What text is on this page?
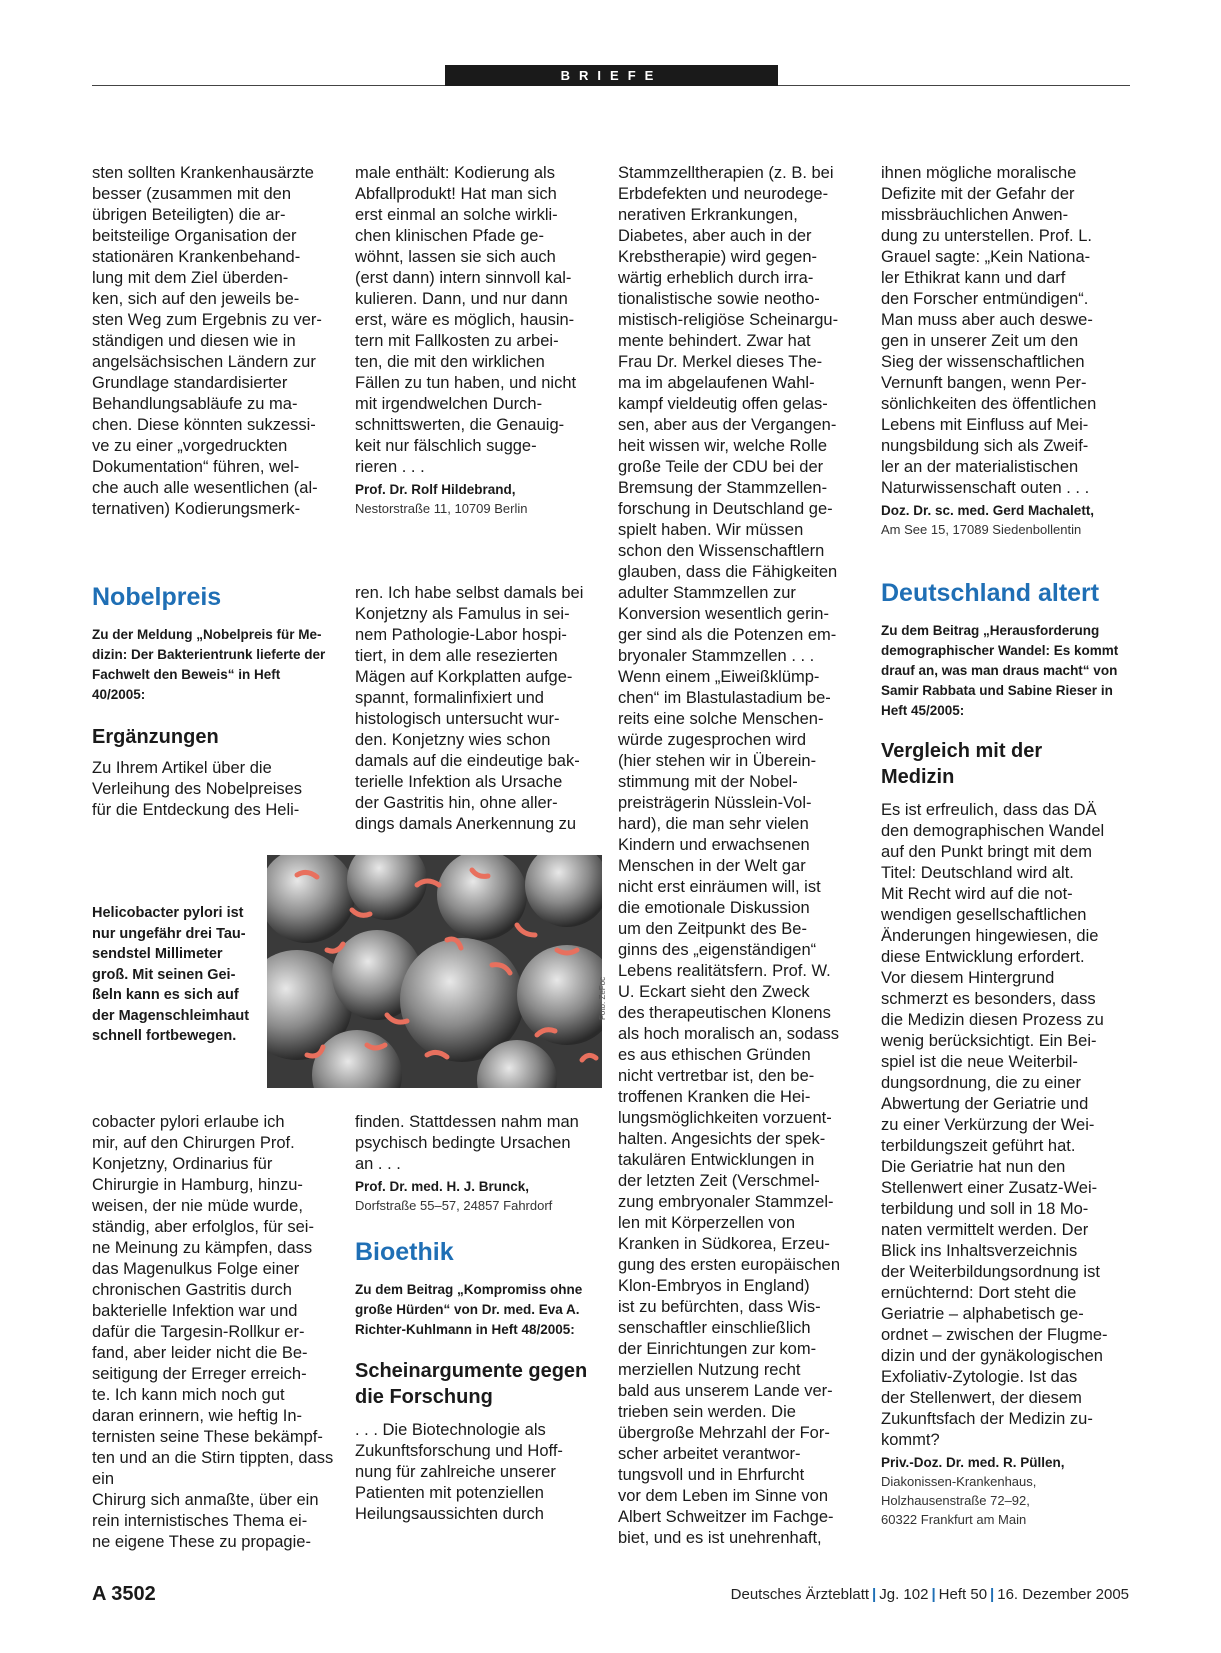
BRIEFE
sten sollten Krankenhausärzte
besser (zusammen mit den
übrigen Beteiligten) die ar-
beitsteilige Organisation der
stationären Krankenbehand-
lung mit dem Ziel überden-
ken, sich auf den jeweils be-
sten Weg zum Ergebnis zu ver-
ständigen und diesen wie in
angelsächsischen Ländern zur
Grundlage standardisierter
Behandlungsabläufe zu ma-
chen. Diese könnten sukzessi-
ve zu einer „vorgedruckten
Dokumentation“ führen, wel-
che auch alle wesentlichen (al-
ternativen) Kodierungsmerk-
male enthält: Kodierung als
Abfallprodukt! Hat man sich
erst einmal an solche wirkli-
chen klinischen Pfade ge-
wöhnt, lassen sie sich auch
(erst dann) intern sinnvoll kal-
kulieren. Dann, und nur dann
erst, wäre es möglich, hausin-
tern mit Fallkosten zu arbei-
ten, die mit den wirklichen
Fällen zu tun haben, und nicht
mit irgendwelchen Durch-
schnittswerten, die Genauig-
keit nur fälschlich sugge-
rieren . . .
Prof. Dr. Rolf Hildebrand,
Nestorstraße 11, 10709 Berlin
Nobelpreis
Zu der Meldung „Nobelpreis für Me-
dizin: Der Bakterientrunk lieferte der
Fachwelt den Beweis“ in Heft
40/2005:
Ergänzungen
Zu Ihrem Artikel über die
Verleihung des Nobelpreises
für die Entdeckung des Heli-
ren. Ich habe selbst damals bei
Konjetzny als Famulus in sei-
nem Pathologie-Labor hospi-
tiert, in dem alle resezierten
Mägen auf Korkplatten aufge-
spannt, formalinfixiert und
histologisch untersucht wur-
den. Konjetzny wies schon
damals auf die eindeutige bak-
terielle Infektion als Ursache
der Gastritis hin, ohne aller-
dings damals Anerkennung zu
Helicobacter pylori ist
nur ungefähr drei Tau-
sendstel Millimeter
groß. Mit seinen Gei-
ßeln kann es sich auf
der Magenschleimhaut
schnell fortbewegen.
Foto: ZeFoc
cobacter pylori erlaube ich
mir, auf den Chirurgen Prof.
Konjetzny, Ordinarius für
Chirurgie in Hamburg, hinzu-
weisen, der nie müde wurde,
ständig, aber erfolglos, für sei-
ne Meinung zu kämpfen, dass
das Magenulkus Folge einer
chronischen Gastritis durch
bakterielle Infektion war und
dafür die Targesin-Rollkur er-
fand, aber leider nicht die Be-
seitigung der Erreger erreich-
te. Ich kann mich noch gut
daran erinnern, wie heftig In-
ternisten seine These bekämpf-
ten und an die Stirn tippten, dass ein
Chirurg sich anmaßte, über ein
rein internistisches Thema ei-
ne eigene These zu propagie-
finden. Stattdessen nahm man
psychisch bedingte Ursachen
an . . .
Prof. Dr. med. H. J. Brunck,
Dorfstraße 55–57, 24857 Fahrdorf
Bioethik
Zu dem Beitrag „Kompromiss ohne
große Hürden“ von Dr. med. Eva A.
Richter-Kuhlmann in Heft 48/2005:
Scheinargumente gegen
die Forschung
. . . Die Biotechnologie als
Zukunftsforschung und Hoff-
nung für zahlreiche unserer
Patienten mit potenziellen
Heilungsaussichten durch
Stammzelltherapien (z. B. bei
Erbdefekten und neurodege-
nerativen Erkrankungen,
Diabetes, aber auch in der
Krebstherapie) wird gegen-
wärtig erheblich durch irra-
tionalistische sowie neotho-
mistisch-religiöse Scheinargu-
mente behindert. Zwar hat
Frau Dr. Merkel dieses The-
ma im abgelaufenen Wahl-
kampf vieldeutig offen gelas-
sen, aber aus der Vergangen-
heit wissen wir, welche Rolle
große Teile der CDU bei der
Bremsung der Stammzellen-
forschung in Deutschland ge-
spielt haben. Wir müssen
schon den Wissenschaftlern
glauben, dass die Fähigkeiten
adulter Stammzellen zur
Konversion wesentlich gerin-
ger sind als die Potenzen em-
bryonaler Stammzellen . . .
Wenn einem „Eiweißklümp-
chen“ im Blastulastadium be-
reits eine solche Menschen-
würde zugesprochen wird
(hier stehen wir in Überein-
stimmung mit der Nobel-
preisträgerin Nüsslein-Vol-
hard), die man sehr vielen
Kindern und erwachsenen
Menschen in der Welt gar
nicht erst einräumen will, ist
die emotionale Diskussion
um den Zeitpunkt des Be-
ginns des „eigenständigen“
Lebens realitätsfern. Prof. W.
U. Eckart sieht den Zweck
des therapeutischen Klonens
als hoch moralisch an, sodass
es aus ethischen Gründen
nicht vertretbar ist, den be-
troffenen Kranken die Hei-
lungsmöglichkeiten vorzuent-
halten. Angesichts der spek-
takulären Entwicklungen in
der letzten Zeit (Verschmel-
zung embryonaler Stammzel-
len mit Körperzellen von
Kranken in Südkorea, Erzeu-
gung des ersten europäischen
Klon-Embryos in England)
ist zu befürchten, dass Wis-
senschaftler einschließlich
der Einrichtungen zur kom-
merziellen Nutzung recht
bald aus unserem Lande ver-
trieben sein werden. Die
übergroße Mehrzahl der For-
scher arbeitet verantwor-
tungsvoll und in Ehrfurcht
vor dem Leben im Sinne von
Albert Schweitzer im Fachge-
biet, und es ist unehrenhaft,
ihnen mögliche moralische
Defizite mit der Gefahr der
missbräuchlichen Anwen-
dung zu unterstellen. Prof. L.
Grauel sagte: „Kein Nationa-
ler Ethikrat kann und darf
den Forscher entmündigen“.
Man muss aber auch deswe-
gen in unserer Zeit um den
Sieg der wissenschaftlichen
Vernunft bangen, wenn Per-
sönlichkeiten des öffentlichen
Lebens mit Einfluss auf Mei-
nungsbildung sich als Zweif-
ler an der materialistischen
Naturwissenschaft outen . . .
Doz. Dr. sc. med. Gerd Machalett,
Am See 15, 17089 Siedenbollentin
Deutschland altert
Zu dem Beitrag „Herausforderung
demographischer Wandel: Es kommt
drauf an, was man draus macht“ von
Samir Rabbata und Sabine Rieser in
Heft 45/2005:
Vergleich mit der
Medizin
Es ist erfreulich, dass das DÄ
den demographischen Wandel
auf den Punkt bringt mit dem
Titel: Deutschland wird alt.
Mit Recht wird auf die not-
wendigen gesellschaftlichen
Änderungen hingewiesen, die
diese Entwicklung erfordert.
Vor diesem Hintergrund
schmerzt es besonders, dass
die Medizin diesen Prozess zu
wenig berücksichtigt. Ein Bei-
spiel ist die neue Weiterbil-
dungsordnung, die zu einer
Abwertung der Geriatrie und
zu einer Verkürzung der Wei-
terbildungszeit geführt hat.
Die Geriatrie hat nun den
Stellenwert einer Zusatz-Wei-
terbildung und soll in 18 Mo-
naten vermittelt werden. Der
Blick ins Inhaltsverzeichnis
der Weiterbildungsordnung ist
ernüchternd: Dort steht die
Geriatrie – alphabetisch ge-
ordnet – zwischen der Flugme-
dizin und der gynäkologischen
Exfoliativ-Zytologie. Ist das
der Stellenwert, der diesem
Zukunftsfach der Medizin zu-
kommt?
Priv.-Doz. Dr. med. R. Püllen,
Diakonissen-Krankenhaus,
Holzhausenstraße 72–92,
60322 Frankfurt am Main
A 3502	Deutsches Ärzteblatt | Jg. 102 | Heft 50 | 16. Dezember 2005
